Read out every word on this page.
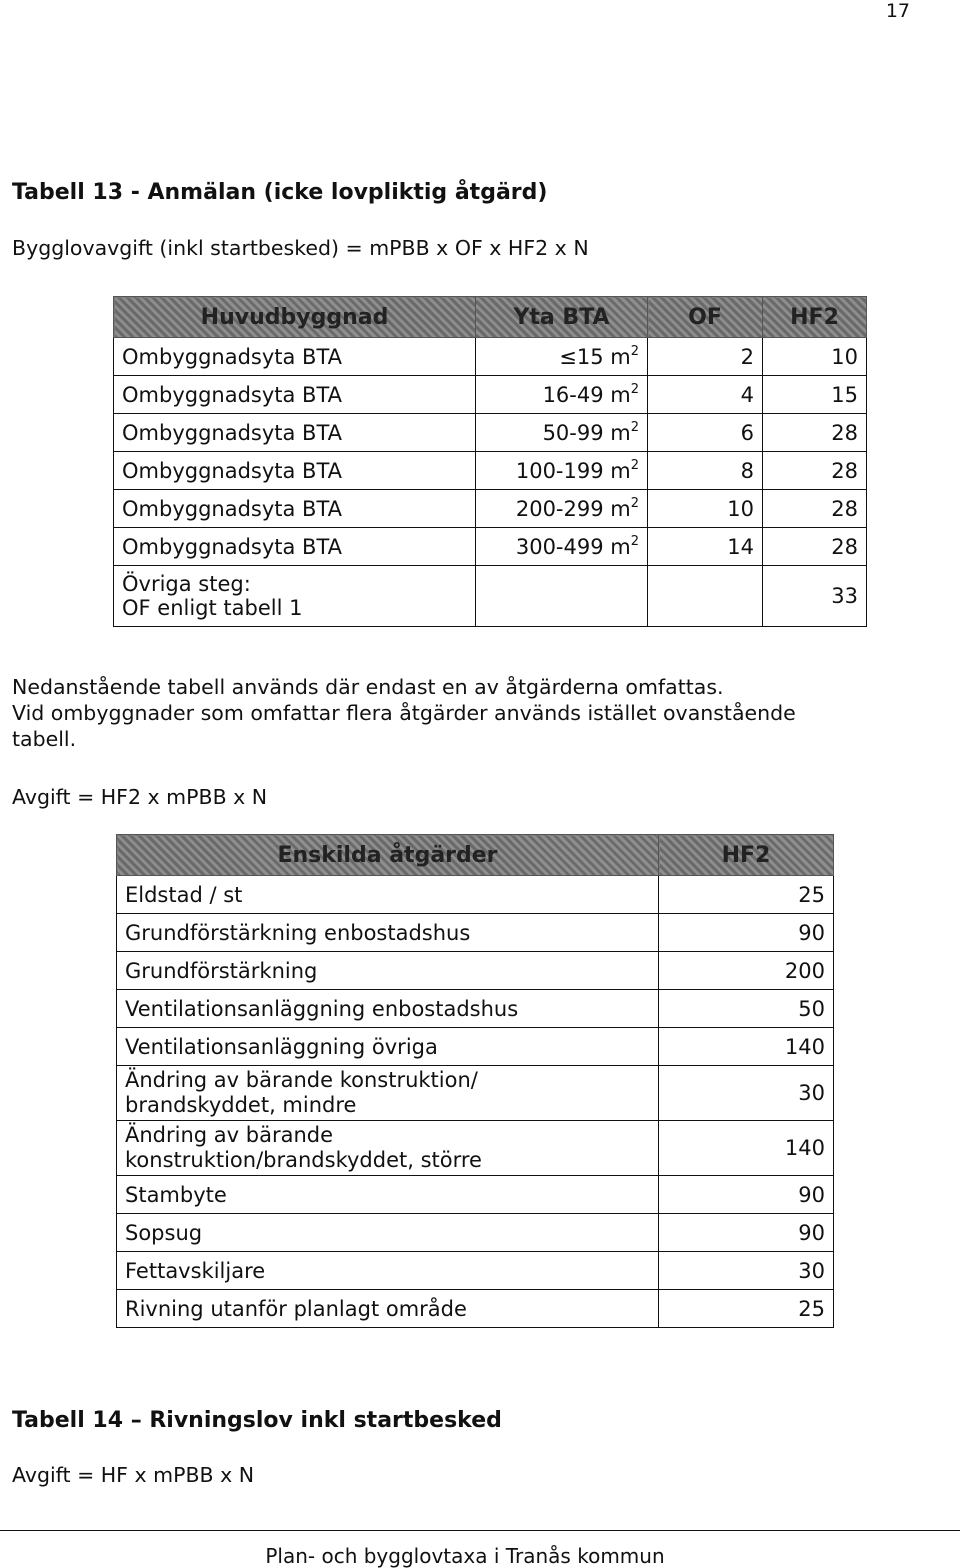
17
Tabell 13 - Anmälan (icke lovpliktig åtgärd)
Bygglovavgift (inkl startbesked) = mPBB x OF x HF2 x N
Huvudbyggnad	Yta BTA	OF	HF2
Ombyggnadsyta BTA	≤15 $m^2$	2	10
Ombyggnadsyta BTA	16-49 $m^2$	4	15
Ombyggnadsyta BTA	50-99 $m^2$	6	28
Ombyggnadsyta BTA	100-199 $m^2$	8	28
Ombyggnadsyta BTA	200-299 $m^2$	10	28
Ombyggnadsyta BTA	300-499 $m^2$	14	28
Övriga steg:
OF enligt tabell 1			33
Nedanstående tabell används där endast en av åtgärderna omfattas.
Vid ombyggnader som omfattar flera åtgärder används istället ovanstående
tabell.
Avgift = HF2 x mPBB x N
Enskilda åtgärder	HF2
Eldstad / st	25
Grundförstärkning enbostadshus	90
Grundförstärkning	200
Ventilationsanläggning enbostadshus	50
Ventilationsanläggning övriga	140
Ändring av bärande konstruktion/
brandskyddet, mindre	30
Ändring av bärande
konstruktion/brandskyddet, större	140
Stambyte	90
Sopsug	90
Fettavskiljare	30
Rivning utanför planlagt område	25
Tabell 14 – Rivningslov inkl startbesked
Avgift = HF x mPBB x N
Plan- och bygglovtaxa i Tranås kommun
